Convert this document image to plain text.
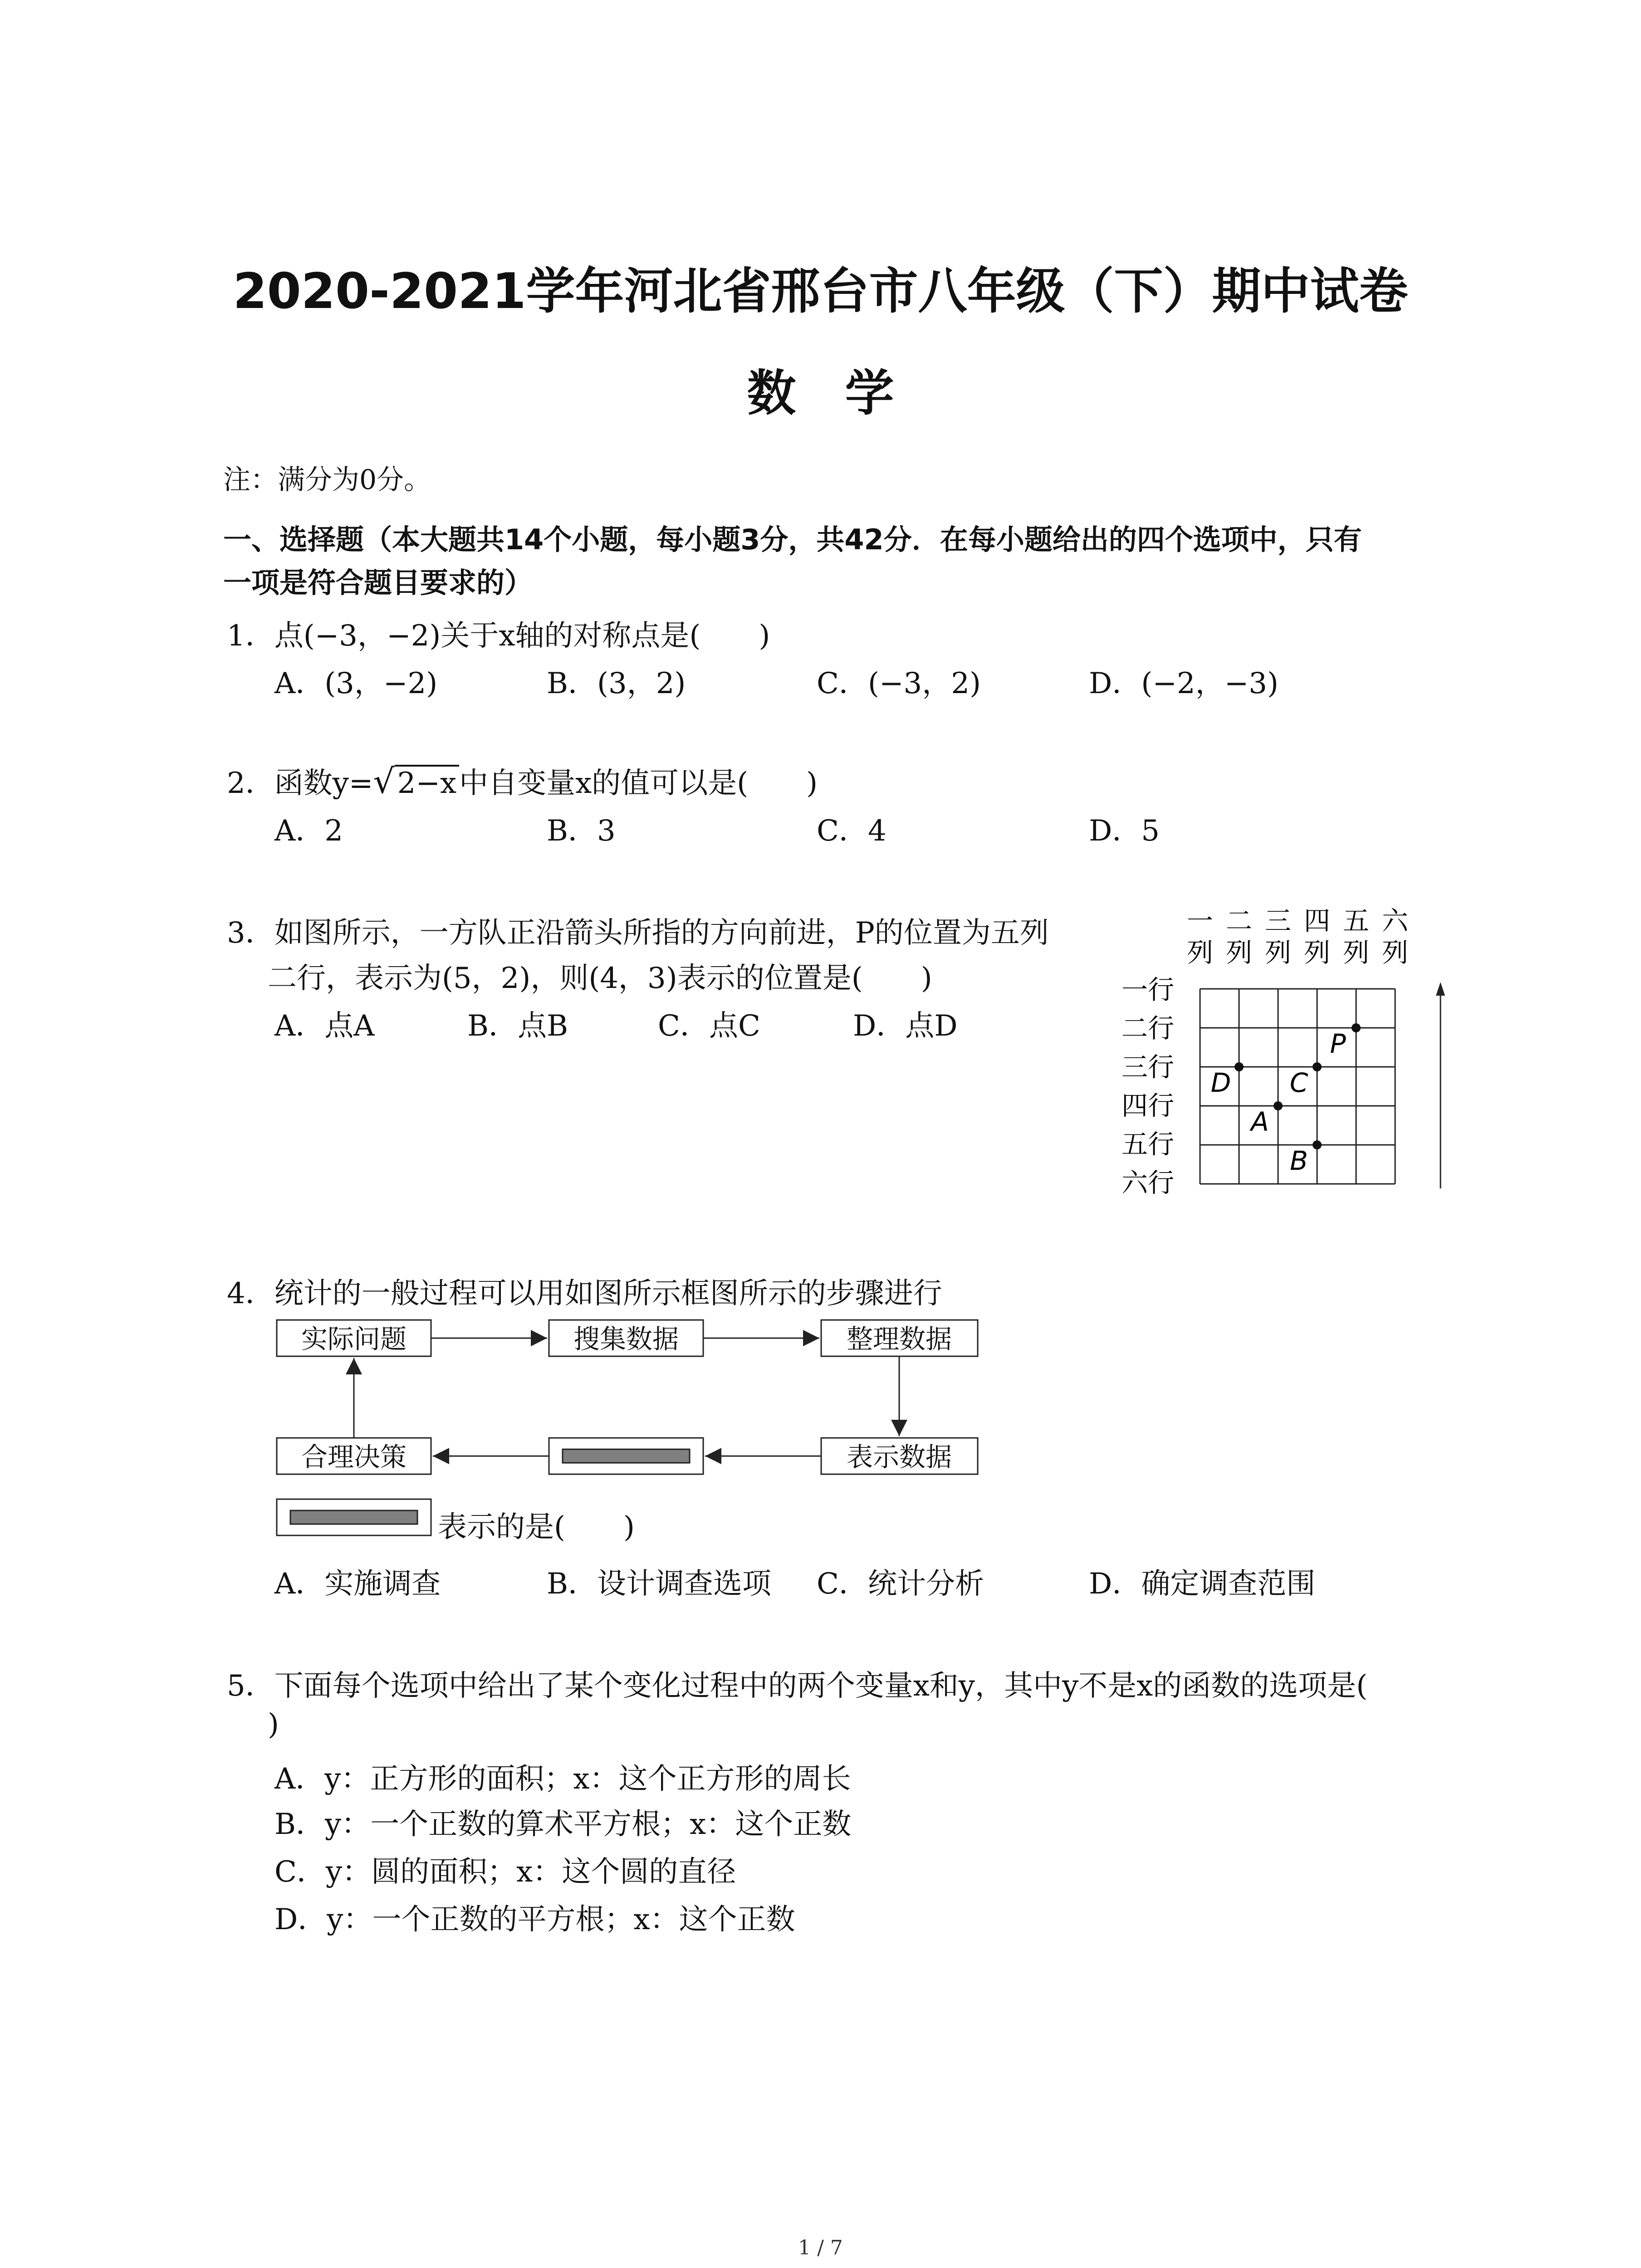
2020-2021学年河北省邢台市八年级（下）期中试卷
数　学
注：满分为0分。
一、选择题（本大题共14个小题，每小题3分，共42分．在每小题给出的四个选项中，只有
一项是符合题目要求的）
1．点(−3，−2)关于x轴的对称点是(　　)
A．(3，−2)	B．(3，2)	C．(−3，2)	D．(−2，−3)
2．函数y=√2−x中自变量x的值可以是(　　)
A．2	B．3	C．4	D．5
3．如图所示，一方队正沿箭头所指的方向前进，P的位置为五列
二行，表示为(5，2)，则(4，3)表示的位置是(　　)
A．点A	B．点B	C．点C	D．点D
一
列
二
列
三
列
四
列
五
列
六
列
一行
二行
三行
四行
五行
六行
P
D C
A
B
4．统计的一般过程可以用如图所示框图所示的步骤进行
实际问题	搜集数据	整理数据
表示数据
合理决策
表示的是(　　)
A．实施调查	B．设计调查选项 C．统计分析	D．确定调查范围
5．下面每个选项中给出了某个变化过程中的两个变量x和y，其中y不是x的函数的选项是(
)
A．y：正方形的面积；x：这个正方形的周长
B．y：一个正数的算术平方根；x：这个正数
C．y：圆的面积；x：这个圆的直径
D．y：一个正数的平方根；x：这个正数
1 / 7
